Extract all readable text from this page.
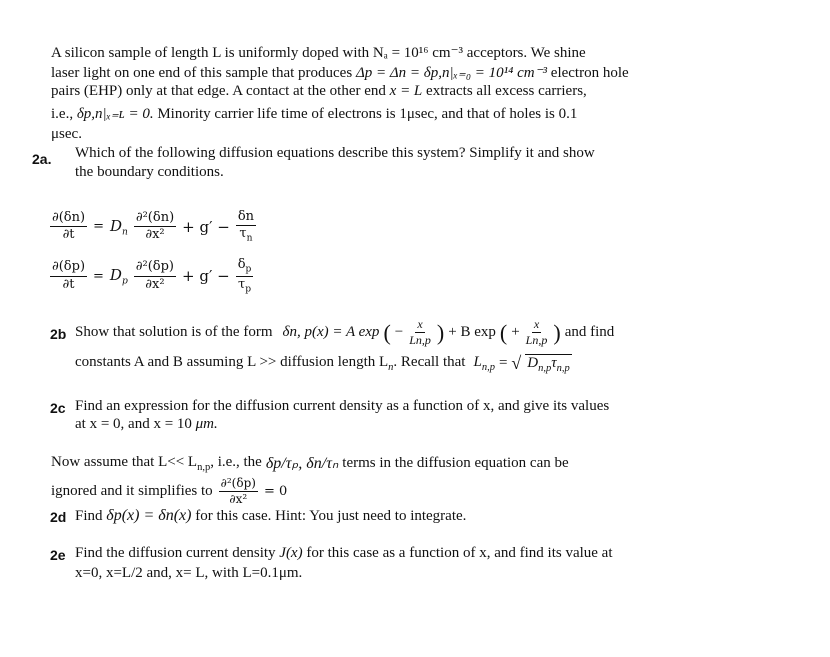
A silicon sample of length L is uniformly doped with Nₐ = 10¹⁶ cm⁻³ acceptors. We shine
laser light on one end of this sample that produces Δp = Δn = δp,n|ₓ₌₀ = 10¹⁴ cm⁻³ electron hole
pairs (EHP) only at that edge. A contact at the other end x = L extracts all excess carriers,
i.e., δp,n|ₓ₌ʟ = 0. Minority carrier life time of electrons is 1μsec, and that of holes is 0.1
μsec.
2a. Which of the following diffusion equations describe this system? Simplify it and show
the boundary conditions.
$\frac{\partial(\delta n)}{\partial t} = D_n \frac{\text{∂²(δn)}}{\text{∂x²}} + g' - \frac{\delta n}{\tau_n}$
$\frac{\partial(\delta p)}{\partial t} = D_p \frac{\text{∂²(δp)}}{\text{∂x²}} + g' - \frac{\delta_p}{\tau_p}$
2b Show that solution is of the form δn, p(x) = A exp ( − $\frac{x}{Ln,p}$ ) + B exp ( + $\frac{x}{Ln,p}$ ) and find
constants A and B assuming L >> diffusion length $L_n$. Recall that $L_{n,p}$ = √ $D_{n,p}\tau_{n,p}$
2c Find an expression for the diffusion current density as a function of x, and give its values
at x = 0, and x = 10 μm.
Now assume that $L<< L_{n,p}$, i.e., the δp/τₚ, δn/τₙ terms in the diffusion equation can be
ignored and it simplifies to $\frac{\text{∂²(δp)}}{\text{∂x²}} = 0$
2d Find δp(x) = δn(x) for this case. Hint: You just need to integrate.
2e Find the diffusion current density J(x) for this case as a function of x, and find its value at
x=0, x=L/2 and, x= L, with L=0.1μm.
